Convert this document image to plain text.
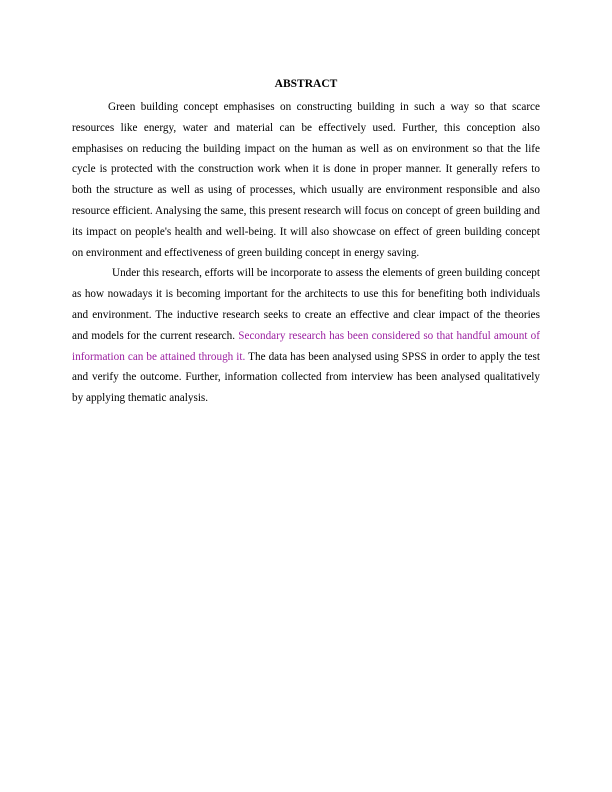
ABSTRACT

Green building concept emphasises on constructing building in such a way so that scarce resources like energy, water and material can be effectively used. Further, this conception also emphasises on reducing the building impact on the human as well as on environment so that the life cycle is protected with the construction work when it is done in proper manner. It generally refers to both the structure as well as using of processes, which usually are environment responsible and also resource efficient. Analysing the same, this present research will focus on concept of green building and its impact on people's health and well-being. It will also showcase on effect of green building concept on environment and effectiveness of green building concept in energy saving.

Under this research, efforts will be incorporate to assess the elements of green building concept as how nowadays it is becoming important for the architects to use this for benefiting both individuals and environment. The inductive research seeks to create an effective and clear impact of the theories and models for the current research. Secondary research has been considered so that handful amount of information can be attained through it. The data has been analysed using SPSS in order to apply the test and verify the outcome. Further, information collected from interview has been analysed qualitatively by applying thematic analysis.
